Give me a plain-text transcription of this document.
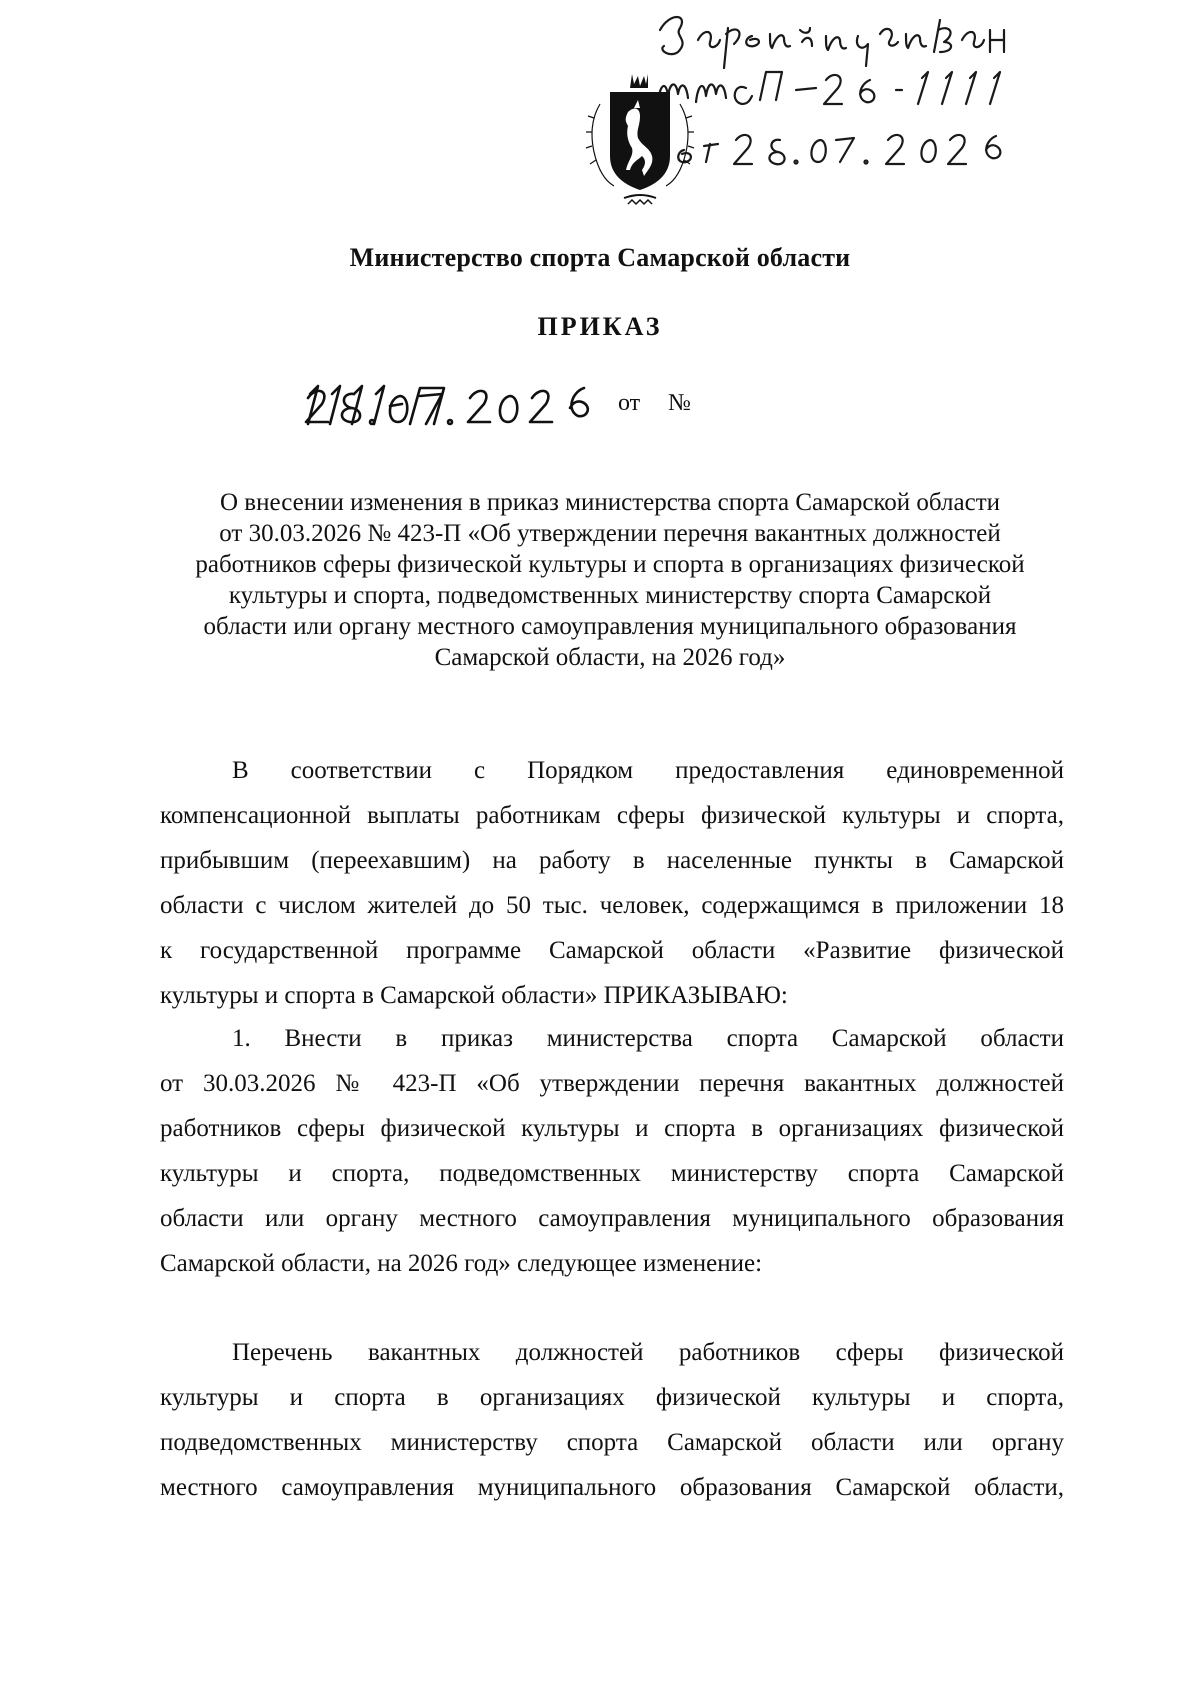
Министерство спорта Самарской области
ПРИКАЗ
от №
О внесении изменения в приказ министерства спорта Самарской области
от 30.03.2026 № 423-П «Об утверждении перечня вакантных должностей
работников сферы физической культуры и спорта в организациях физической
культуры и спорта, подведомственных министерству спорта Самарской
области или органу местного самоуправления муниципального образования
Самарской области, на 2026 год»
В соответствии с Порядком предоставления единовременной
компенсационной выплаты работникам сферы физической культуры и спорта,
прибывшим (переехавшим) на работу в населенные пункты в Самарской
области с числом жителей до 50 тыс. человек, содержащимся в приложении 18
к государственной программе Самарской области «Развитие физической
культуры и спорта в Самарской области» ПРИКАЗЫВАЮ:
1. Внести в приказ министерства спорта Самарской области
от 30.03.2026 № 423-П «Об утверждении перечня вакантных должностей
работников сферы физической культуры и спорта в организациях физической
культуры и спорта, подведомственных министерству спорта Самарской
области или органу местного самоуправления муниципального образования
Самарской области, на 2026 год» следующее изменение:
Перечень вакантных должностей работников сферы физической
культуры и спорта в организациях физической культуры и спорта,
подведомственных министерству спорта Самарской области или органу
местного самоуправления муниципального образования Самарской области,
